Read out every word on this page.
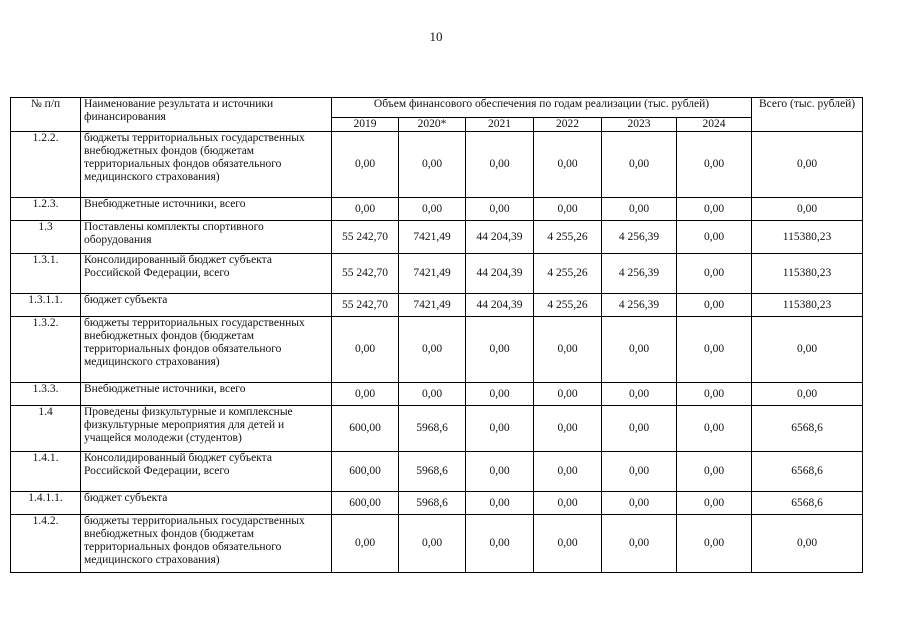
10
№ п/п	Наименование результата и источники финансирования	Объем финансового обеспечения по годам реализации (тыс. рублей)						Всего (тыс. рублей)
		2019	2020*	2021	2022	2023	2024	
1.2.2.	бюджеты территориальных государственных внебюджетных фондов (бюджетам территориальных фондов обязательного медицинского страхования)	0,00	0,00	0,00	0,00	0,00	0,00	0,00
1.2.3.	Внебюджетные источники, всего	0,00	0,00	0,00	0,00	0,00	0,00	0,00
1.3	Поставлены комплекты спортивного оборудования	55 242,70	7421,49	44 204,39	4 255,26	4 256,39	0,00	115380,23
1.3.1.	Консолидированный бюджет субъекта Российской Федерации, всего	55 242,70	7421,49	44 204,39	4 255,26	4 256,39	0,00	115380,23
1.3.1.1.	бюджет субъекта	55 242,70	7421,49	44 204,39	4 255,26	4 256,39	0,00	115380,23
1.3.2.	бюджеты территориальных государственных внебюджетных фондов (бюджетам территориальных фондов обязательного медицинского страхования)	0,00	0,00	0,00	0,00	0,00	0,00	0,00
1.3.3.	Внебюджетные источники, всего	0,00	0,00	0,00	0,00	0,00	0,00	0,00
1.4	Проведены физкультурные и комплексные физкультурные мероприятия для детей и учащейся молодежи (студентов)	600,00	5968,6	0,00	0,00	0,00	0,00	6568,6
1.4.1.	Консолидированный бюджет субъекта Российской Федерации, всего	600,00	5968,6	0,00	0,00	0,00	0,00	6568,6
1.4.1.1.	бюджет субъекта	600,00	5968,6	0,00	0,00	0,00	0,00	6568,6
1.4.2.	бюджеты территориальных государственных внебюджетных фондов (бюджетам территориальных фондов обязательного медицинского страхования)	0,00	0,00	0,00	0,00	0,00	0,00	0,00
